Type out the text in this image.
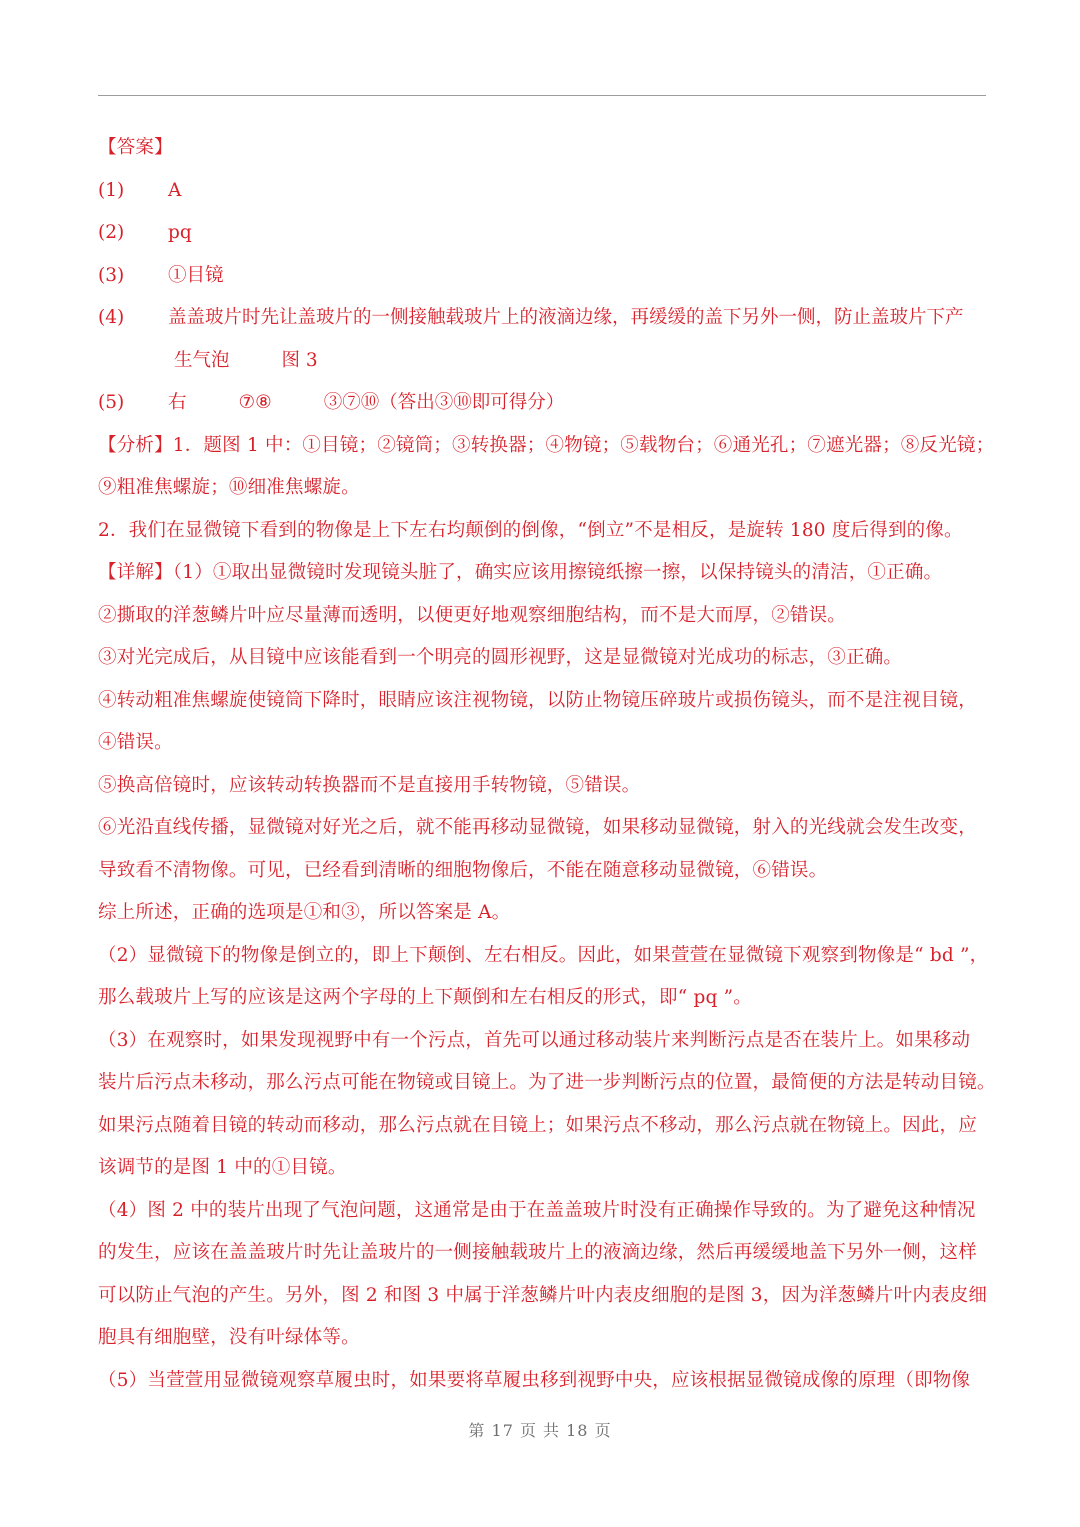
【答案】
(1) A
(2) pq
(3) ①目镜
(4) 盖盖玻片时先让盖玻片的一侧接触载玻片上的液滴边缘，再缓缓的盖下另外一侧，防止盖玻片下产
生气泡	图 3
(5) 右	⑦⑧	③⑦⑩（答出③⑩即可得分）
【分析】1．题图 1 中：①目镜；②镜筒；③转换器；④物镜；⑤载物台；⑥通光孔；⑦遮光器；⑧反光镜；
⑨粗准焦螺旋；⑩细准焦螺旋。
2．我们在显微镜下看到的物像是上下左右均颠倒的倒像，“倒立”不是相反，是旋转 180 度后得到的像。
【详解】（1）①取出显微镜时发现镜头脏了，确实应该用擦镜纸擦一擦，以保持镜头的清洁，①正确。
②撕取的洋葱鳞片叶应尽量薄而透明，以便更好地观察细胞结构，而不是大而厚，②错误。
③对光完成后，从目镜中应该能看到一个明亮的圆形视野，这是显微镜对光成功的标志，③正确。
④转动粗准焦螺旋使镜筒下降时，眼睛应该注视物镜，以防止物镜压碎玻片或损伤镜头，而不是注视目镜，
④错误。
⑤换高倍镜时，应该转动转换器而不是直接用手转物镜，⑤错误。
⑥光沿直线传播，显微镜对好光之后，就不能再移动显微镜，如果移动显微镜，射入的光线就会发生改变，
导致看不清物像。可见，已经看到清晰的细胞物像后，不能在随意移动显微镜，⑥错误。
综上所述，正确的选项是①和③，所以答案是 A。
（2）显微镜下的物像是倒立的，即上下颠倒、左右相反。因此，如果萱萱在显微镜下观察到物像是“ bd ”，
那么载玻片上写的应该是这两个字母的上下颠倒和左右相反的形式，即“ pq ”。
（3）在观察时，如果发现视野中有一个污点，首先可以通过移动装片来判断污点是否在装片上。如果移动
装片后污点未移动，那么污点可能在物镜或目镜上。为了进一步判断污点的位置，最简便的方法是转动目镜。
如果污点随着目镜的转动而移动，那么污点就在目镜上；如果污点不移动，那么污点就在物镜上。因此，应
该调节的是图 1 中的①目镜。
（4）图 2 中的装片出现了气泡问题，这通常是由于在盖盖玻片时没有正确操作导致的。为了避免这种情况
的发生，应该在盖盖玻片时先让盖玻片的一侧接触载玻片上的液滴边缘，然后再缓缓地盖下另外一侧，这样
可以防止气泡的产生。另外，图 2 和图 3 中属于洋葱鳞片叶内表皮细胞的是图 3，因为洋葱鳞片叶内表皮细
胞具有细胞壁，没有叶绿体等。
（5）当萱萱用显微镜观察草履虫时，如果要将草履虫移到视野中央，应该根据显微镜成像的原理（即物像
第 17 页 共 18 页
